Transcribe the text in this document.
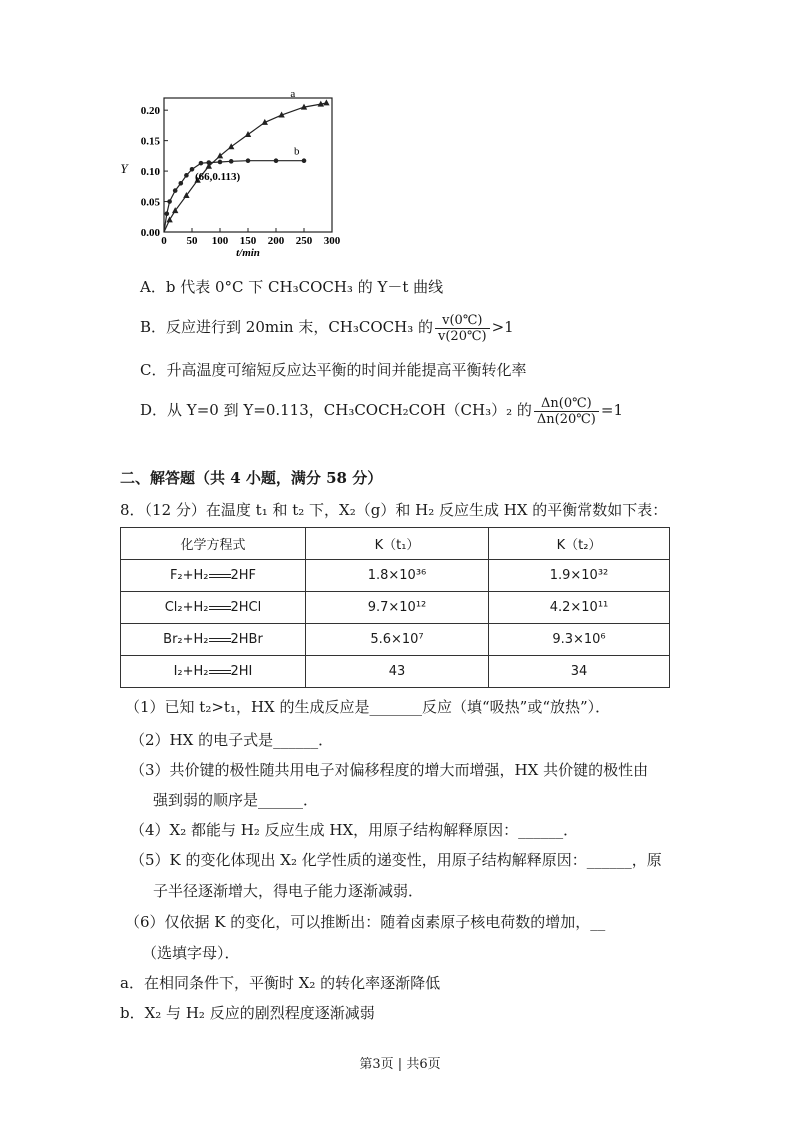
0 50 100 150 200 250 300
0.00
0.05
0.10
0.15
0.20
t/min
Y
a
b
(66,0.113)
A．b 代表 0°C 下 CH₃COCH₃ 的 Y－t 曲线
B．反应进行到 20min 末，CH₃COCH₃ 的 $\frac{v(0℃)}{v(20℃)} >1$
C．升高温度可缩短反应达平衡的时间并能提高平衡转化率
D．从 Y=0 到 Y=0.113，CH₃COCH₂COH（CH₃）₂ 的 $\frac{\Delta n(0℃)}{\Delta n(20℃)} =1$
二、解答题（共 4 小题，满分 58 分）
8．（12 分）在温度 t₁ 和 t₂ 下，X₂（g）和 H₂ 反应生成 HX 的平衡常数如下表：
化学方程式	K（t₁）	K（t₂）
F₂+H₂ 2HF	1.8×10³⁶	1.9×10³²
Cl₂+H₂ 2HCl	9.7×10¹²	4.2×10¹¹
Br₂+H₂ 2HBr	5.6×10⁷	9.3×10⁶
I₂+H₂ 2HI	43	34
（1）已知 t₂>t₁，HX 的生成反应是_______反应（填“吸热”或“放热”）．
（2）HX 的电子式是______．
（3）共价键的极性随共用电子对偏移程度的增大而增强，HX 共价键的极性由
强到弱的顺序是______．
（4）X₂ 都能与 H₂ 反应生成 HX，用原子结构解释原因：______．
（5）K 的变化体现出 X₂ 化学性质的递变性，用原子结构解释原因：______，原
子半径逐渐增大，得电子能力逐渐减弱．
（6）仅依据 K 的变化，可以推断出：随着卤素原子核电荷数的增加，__
（选填字母）．
a．在相同条件下，平衡时 X₂ 的转化率逐渐降低
b．X₂ 与 H₂ 反应的剧烈程度逐渐减弱
第3页 | 共6页
